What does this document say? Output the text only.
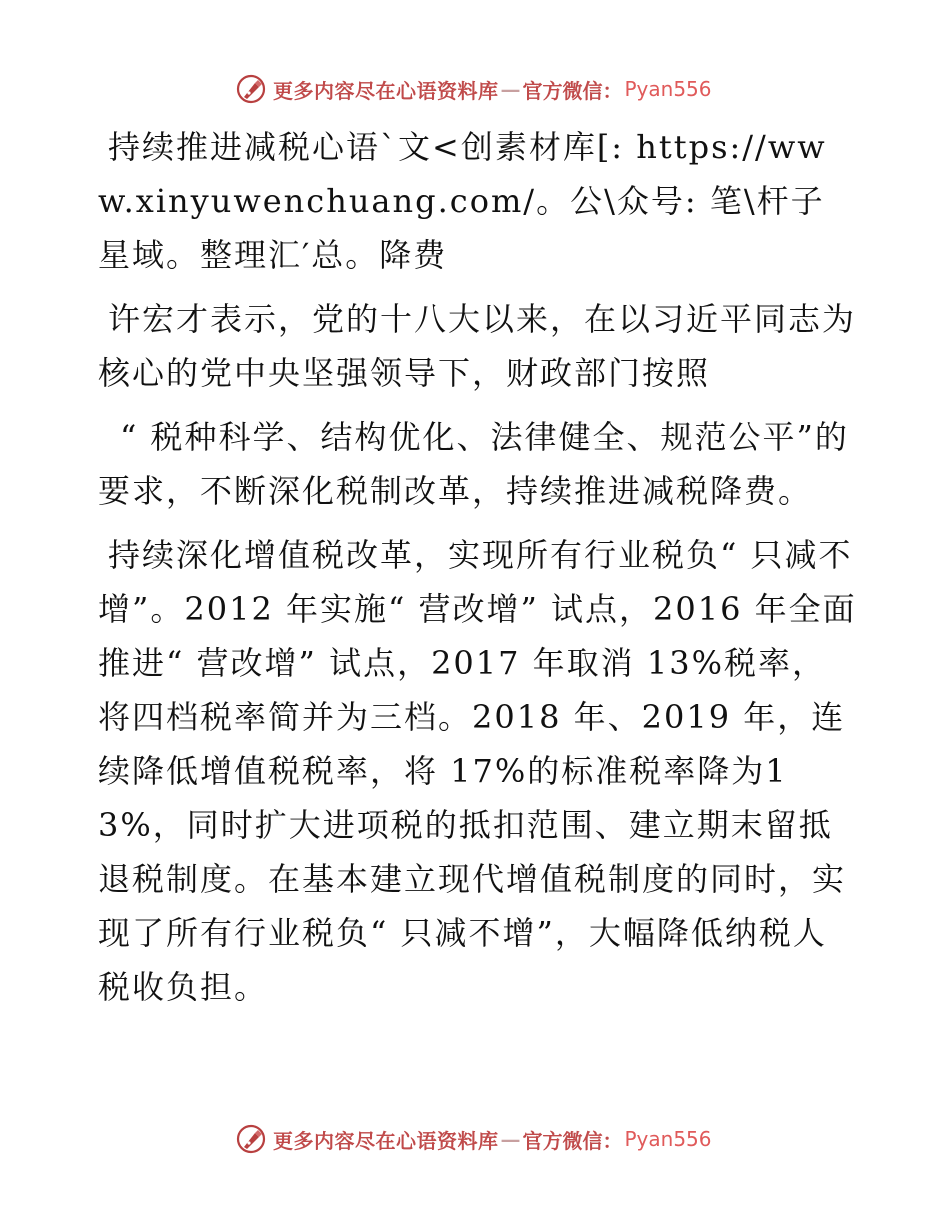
更多内容尽在心语资料库 — 官方微信： Pyan556

持续推进减税心语`文<创素材库[: https://www.xinyuwenchuang.com/。公\众号: 笔\杆子星域。整理汇′总。降费

许宏才表示，党的十八大以来，在以习近平同志为核心的党中央坚强领导下，财政部门按照

“ 税种科学、结构优化、法律健全、规范公平”的要求，不断深化税制改革，持续推进减税降费。

持续深化增值税改革，实现所有行业税负“ 只减不增”。2012 年实施“ 营改增” 试点，2016 年全面推进“ 营改增” 试点，2017 年取消 13%税率，将四档税率简并为三档。2018 年、2019 年，连续降低增值税税率，将 17%的标准税率降为13%，同时扩大进项税的抵扣范围、建立期末留抵退税制度。在基本建立现代增值税制度的同时，实现了所有行业税负“ 只减不增”，大幅降低纳税人税收负担。

更多内容尽在心语资料库 — 官方微信： Pyan556
